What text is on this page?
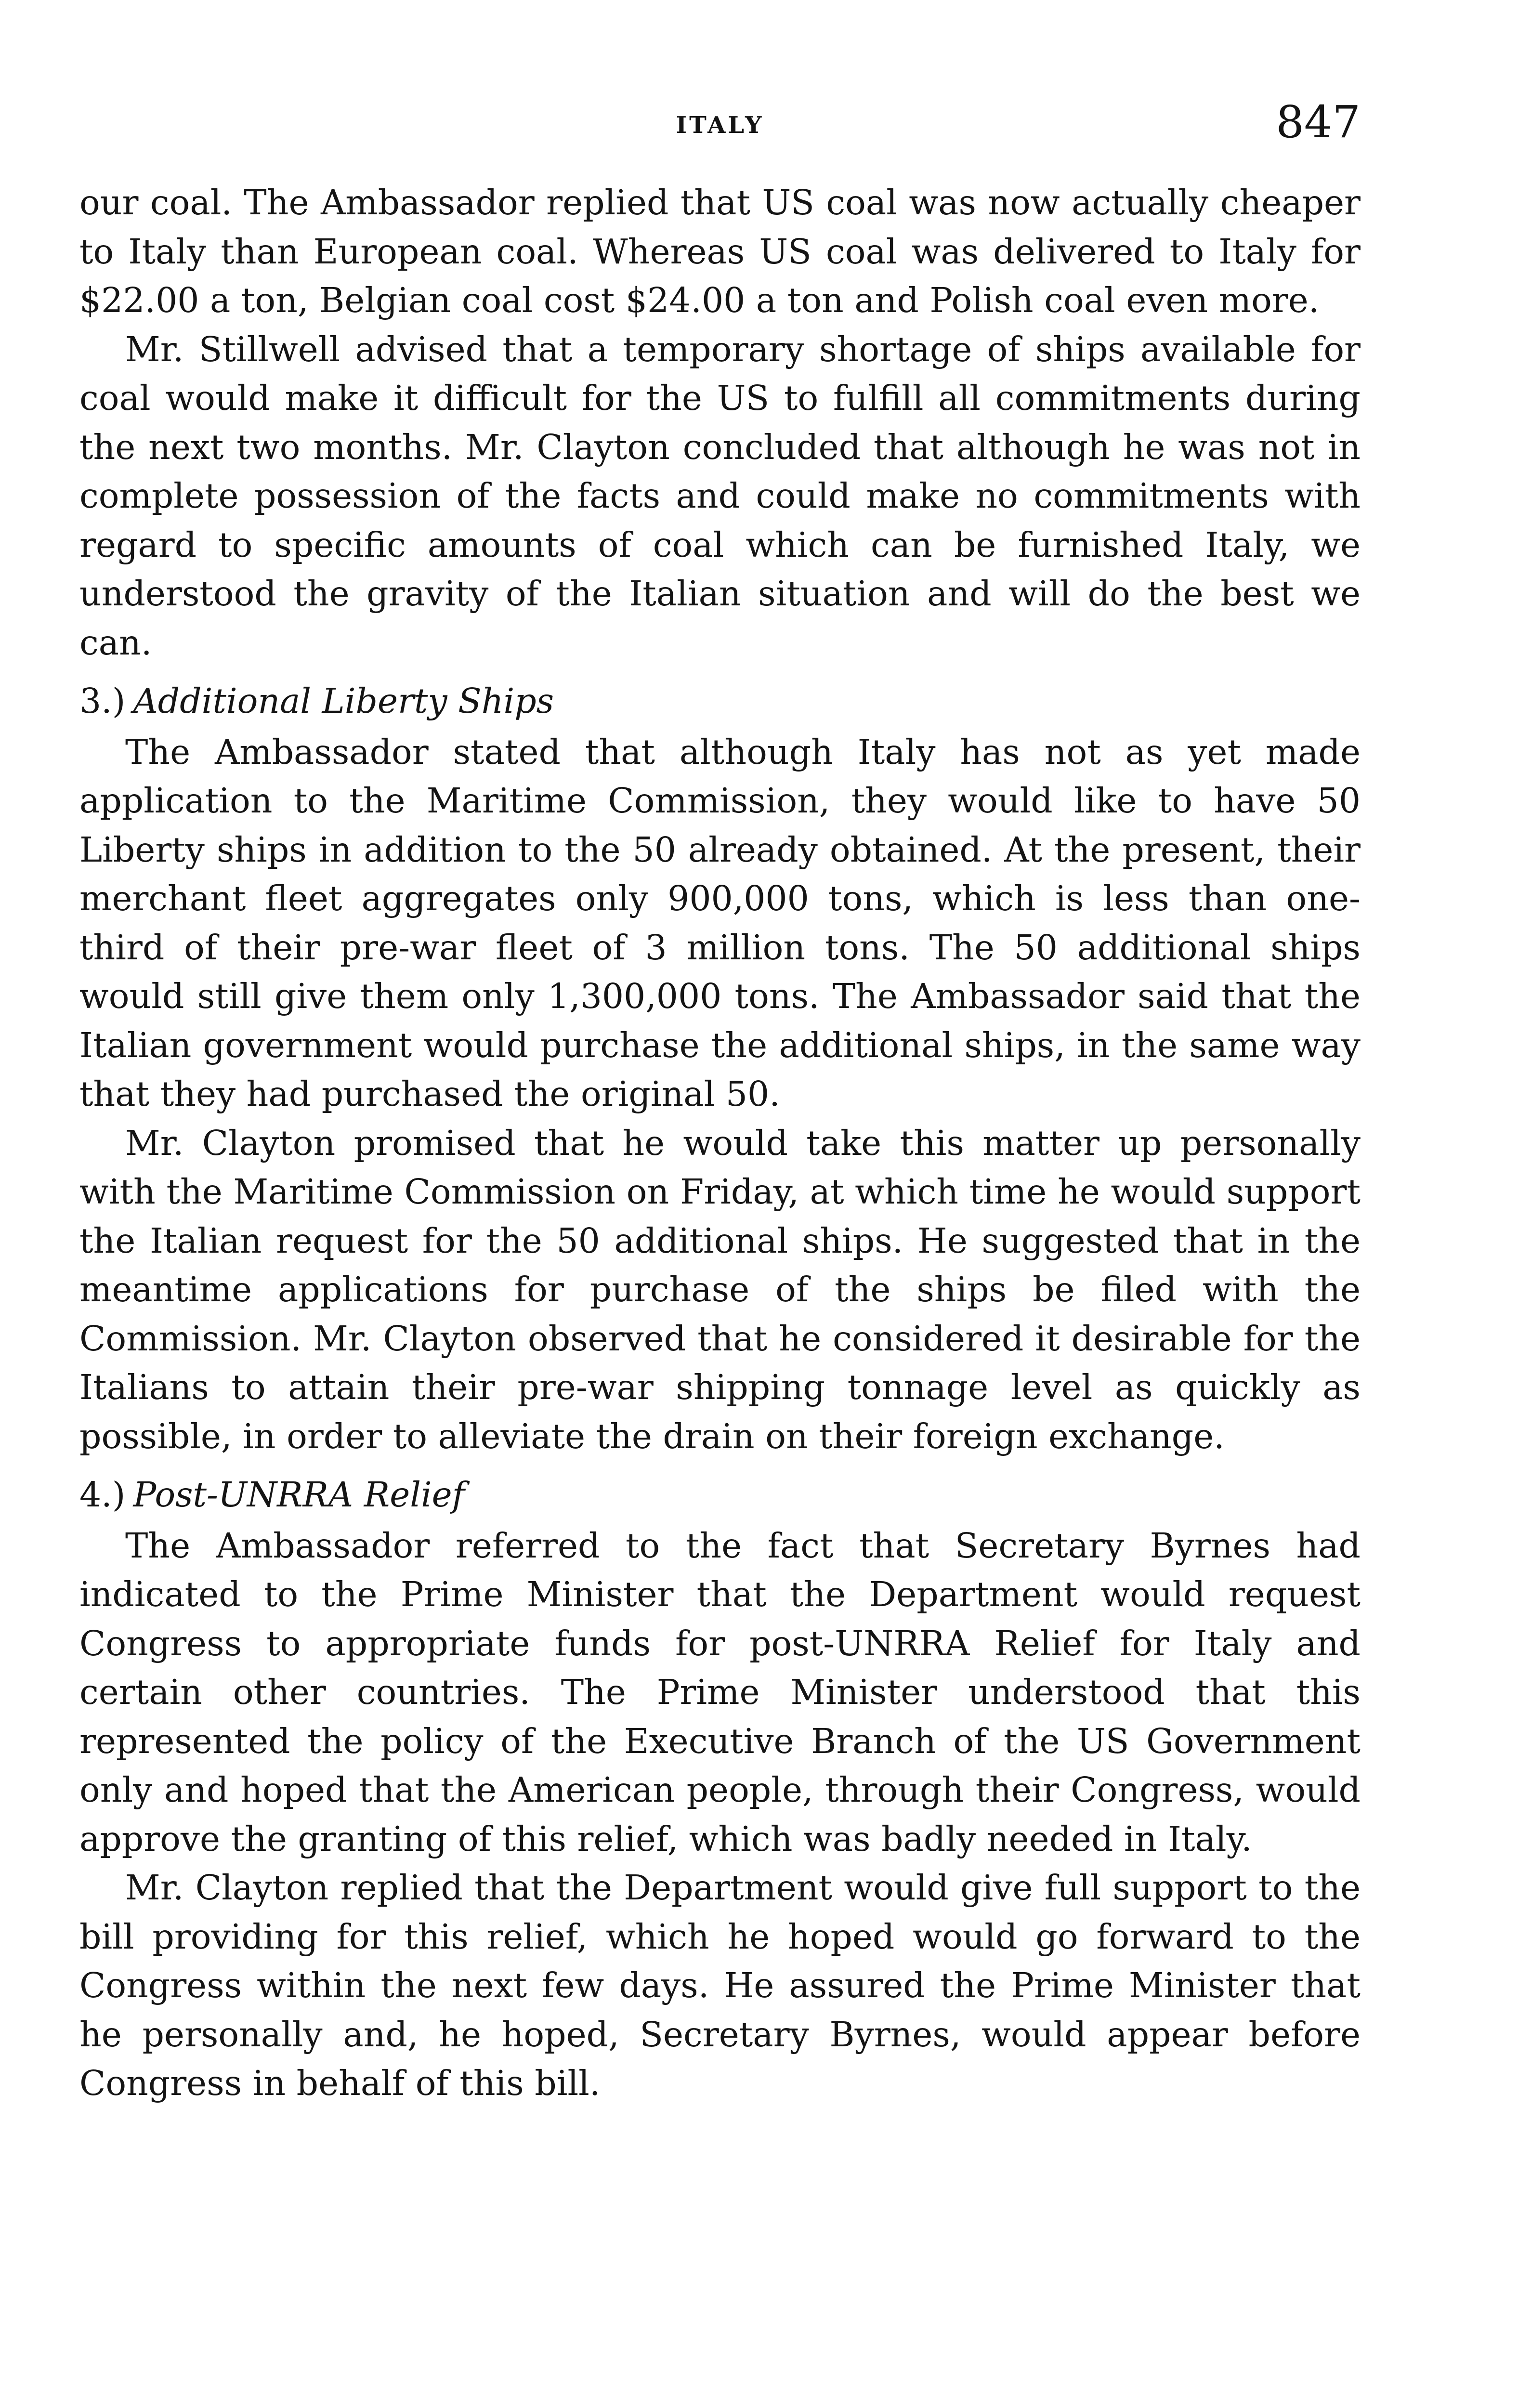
ITALY	847

our coal. The Ambassador replied that US coal was now actually cheaper to Italy than European coal. Whereas US coal was delivered to Italy for $22.00 a ton, Belgian coal cost $24.00 a ton and Polish coal even more.

Mr. Stillwell advised that a temporary shortage of ships available for coal would make it difficult for the US to fulfill all commitments during the next two months. Mr. Clayton concluded that although he was not in complete possession of the facts and could make no commitments with regard to specific amounts of coal which can be furnished Italy, we understood the gravity of the Italian situation and will do the best we can.

3.) Additional Liberty Ships

The Ambassador stated that although Italy has not as yet made application to the Maritime Commission, they would like to have 50 Liberty ships in addition to the 50 already obtained. At the present, their merchant fleet aggregates only 900,000 tons, which is less than one-third of their pre-war fleet of 3 million tons. The 50 additional ships would still give them only 1,300,000 tons. The Ambassador said that the Italian government would purchase the additional ships, in the same way that they had purchased the original 50.

Mr. Clayton promised that he would take this matter up personally with the Maritime Commission on Friday, at which time he would support the Italian request for the 50 additional ships. He suggested that in the meantime applications for purchase of the ships be filed with the Commission. Mr. Clayton observed that he considered it desirable for the Italians to attain their pre-war shipping tonnage level as quickly as possible, in order to alleviate the drain on their foreign exchange.

4.) Post-UNRRA Relief

The Ambassador referred to the fact that Secretary Byrnes had indicated to the Prime Minister that the Department would request Congress to appropriate funds for post-UNRRA Relief for Italy and certain other countries. The Prime Minister understood that this represented the policy of the Executive Branch of the US Government only and hoped that the American people, through their Congress, would approve the granting of this relief, which was badly needed in Italy.

Mr. Clayton replied that the Department would give full support to the bill providing for this relief, which he hoped would go forward to the Congress within the next few days. He assured the Prime Minister that he personally and, he hoped, Secretary Byrnes, would appear before Congress in behalf of this bill.
